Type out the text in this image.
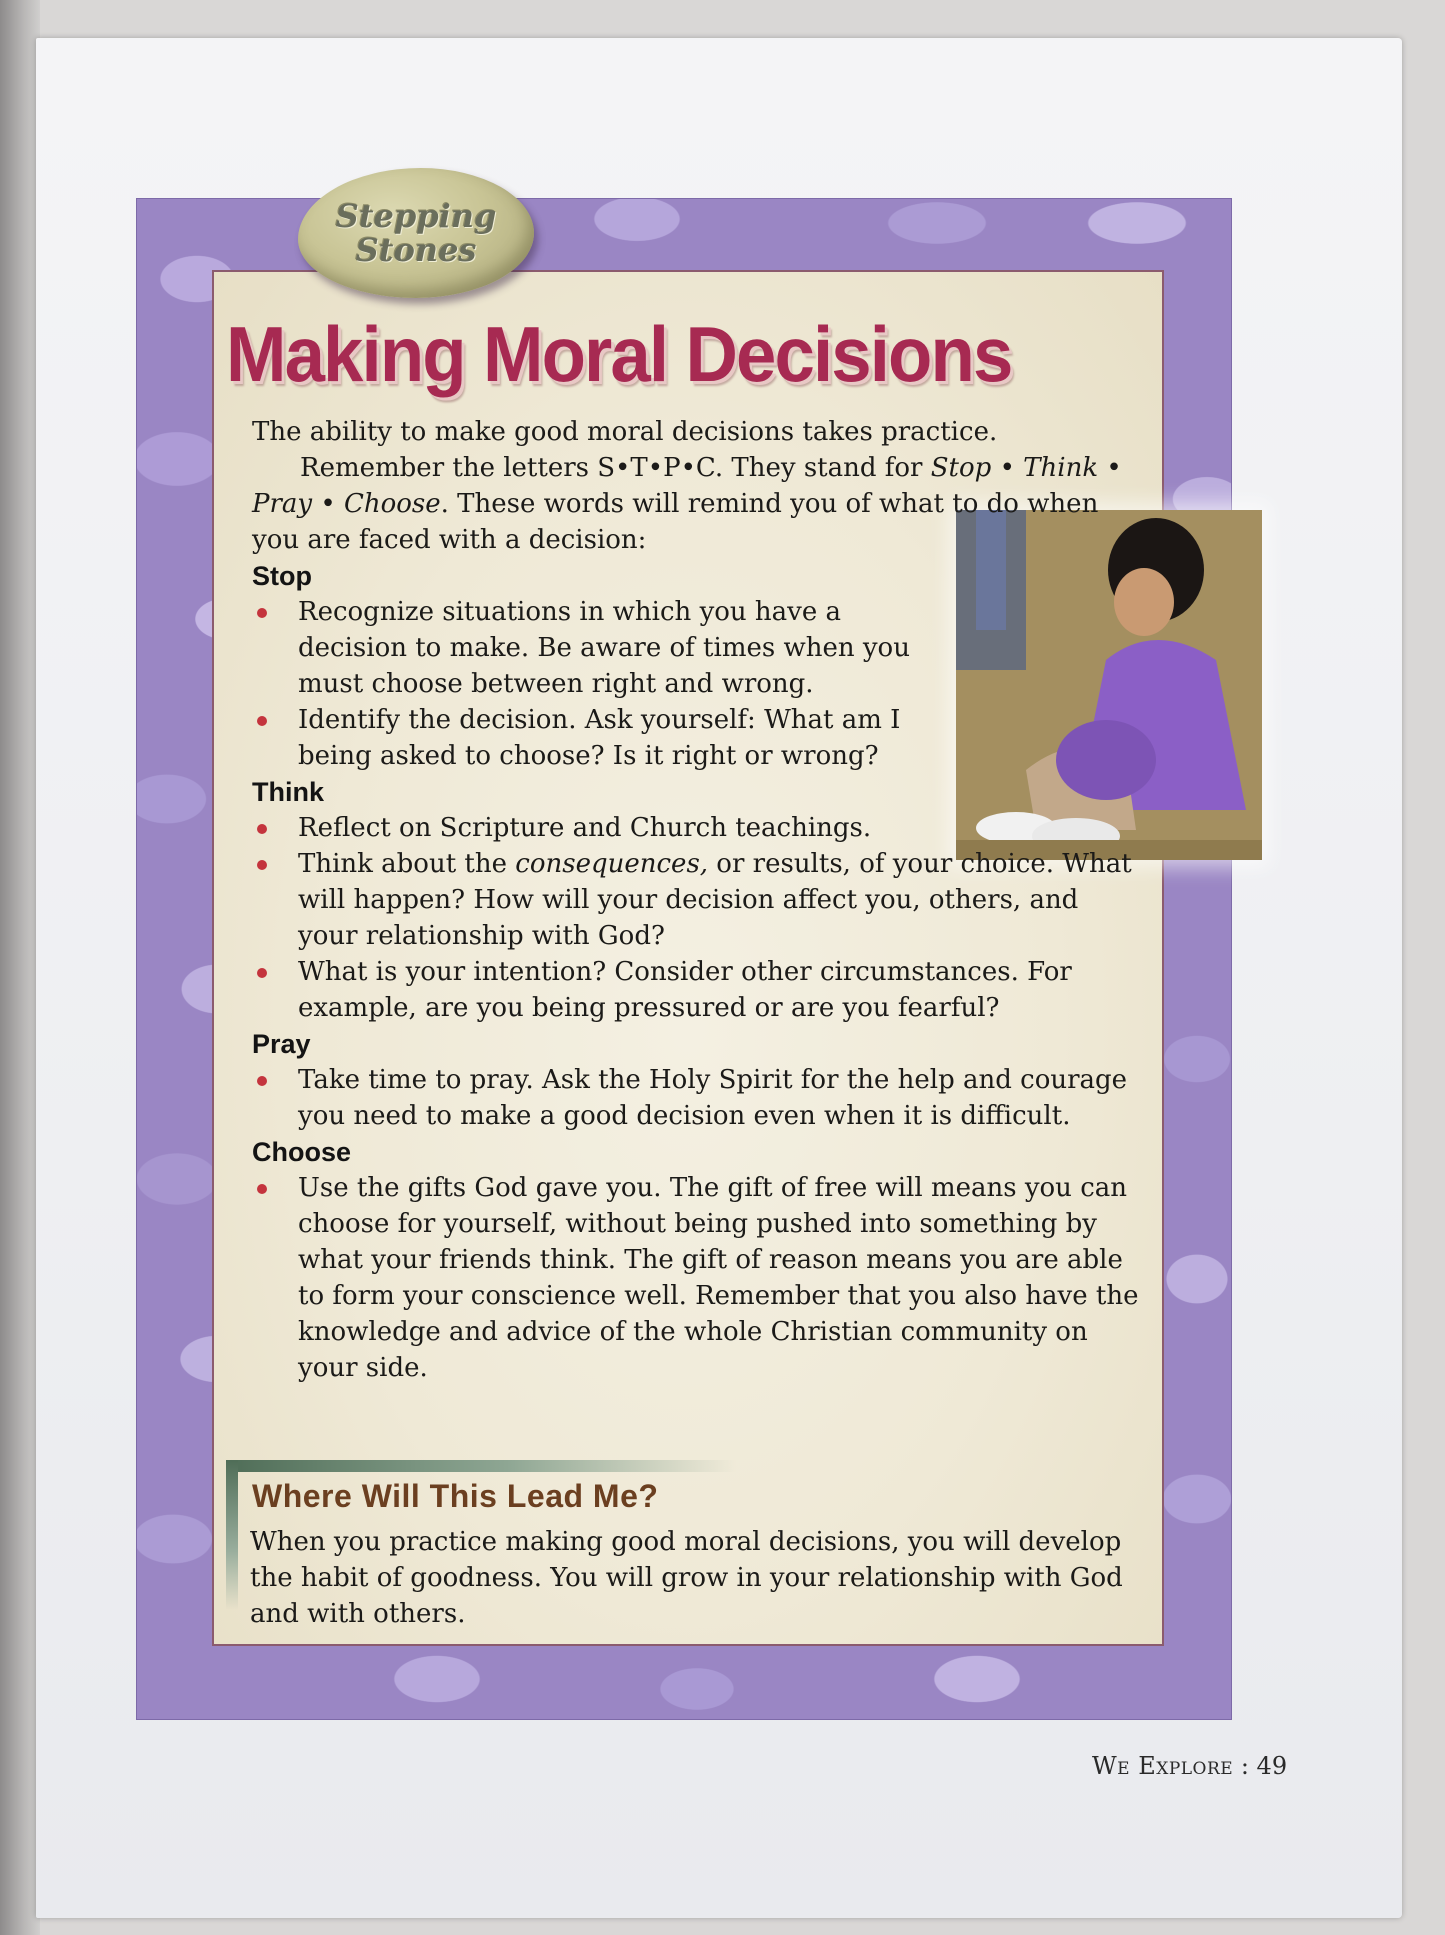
Stepping
Stones
Making Moral Decisions

The ability to make good moral decisions takes practice.

Remember the letters S•T•P•C. They stand for Stop • Think • Pray • Choose. These words will remind you of what to do when you are faced with a decision:

Stop

Recognize situations in which you have a decision to make. Be aware of times when you must choose between right and wrong.
Identify the decision. Ask yourself: What am I being asked to choose? Is it right or wrong?

Think

Reflect on Scripture and Church teachings.
Think about the consequences, or results, of your choice. What will happen? How will your decision affect you, others, and your relationship with God?
What is your intention? Consider other circumstances. For example, are you being pressured or are you fearful?

Pray

Take time to pray. Ask the Holy Spirit for the help and courage you need to make a good decision even when it is difficult.

Choose

Use the gifts God gave you. The gift of free will means you can choose for yourself, without being pushed into something by what your friends think. The gift of reason means you are able to form your conscience well. Remember that you also have the knowledge and advice of the whole Christian community on your side.
Where Will This Lead Me?

When you practice making good moral decisions, you will develop the habit of goodness. You will grow in your relationship with God and with others.

We Explore : 49
